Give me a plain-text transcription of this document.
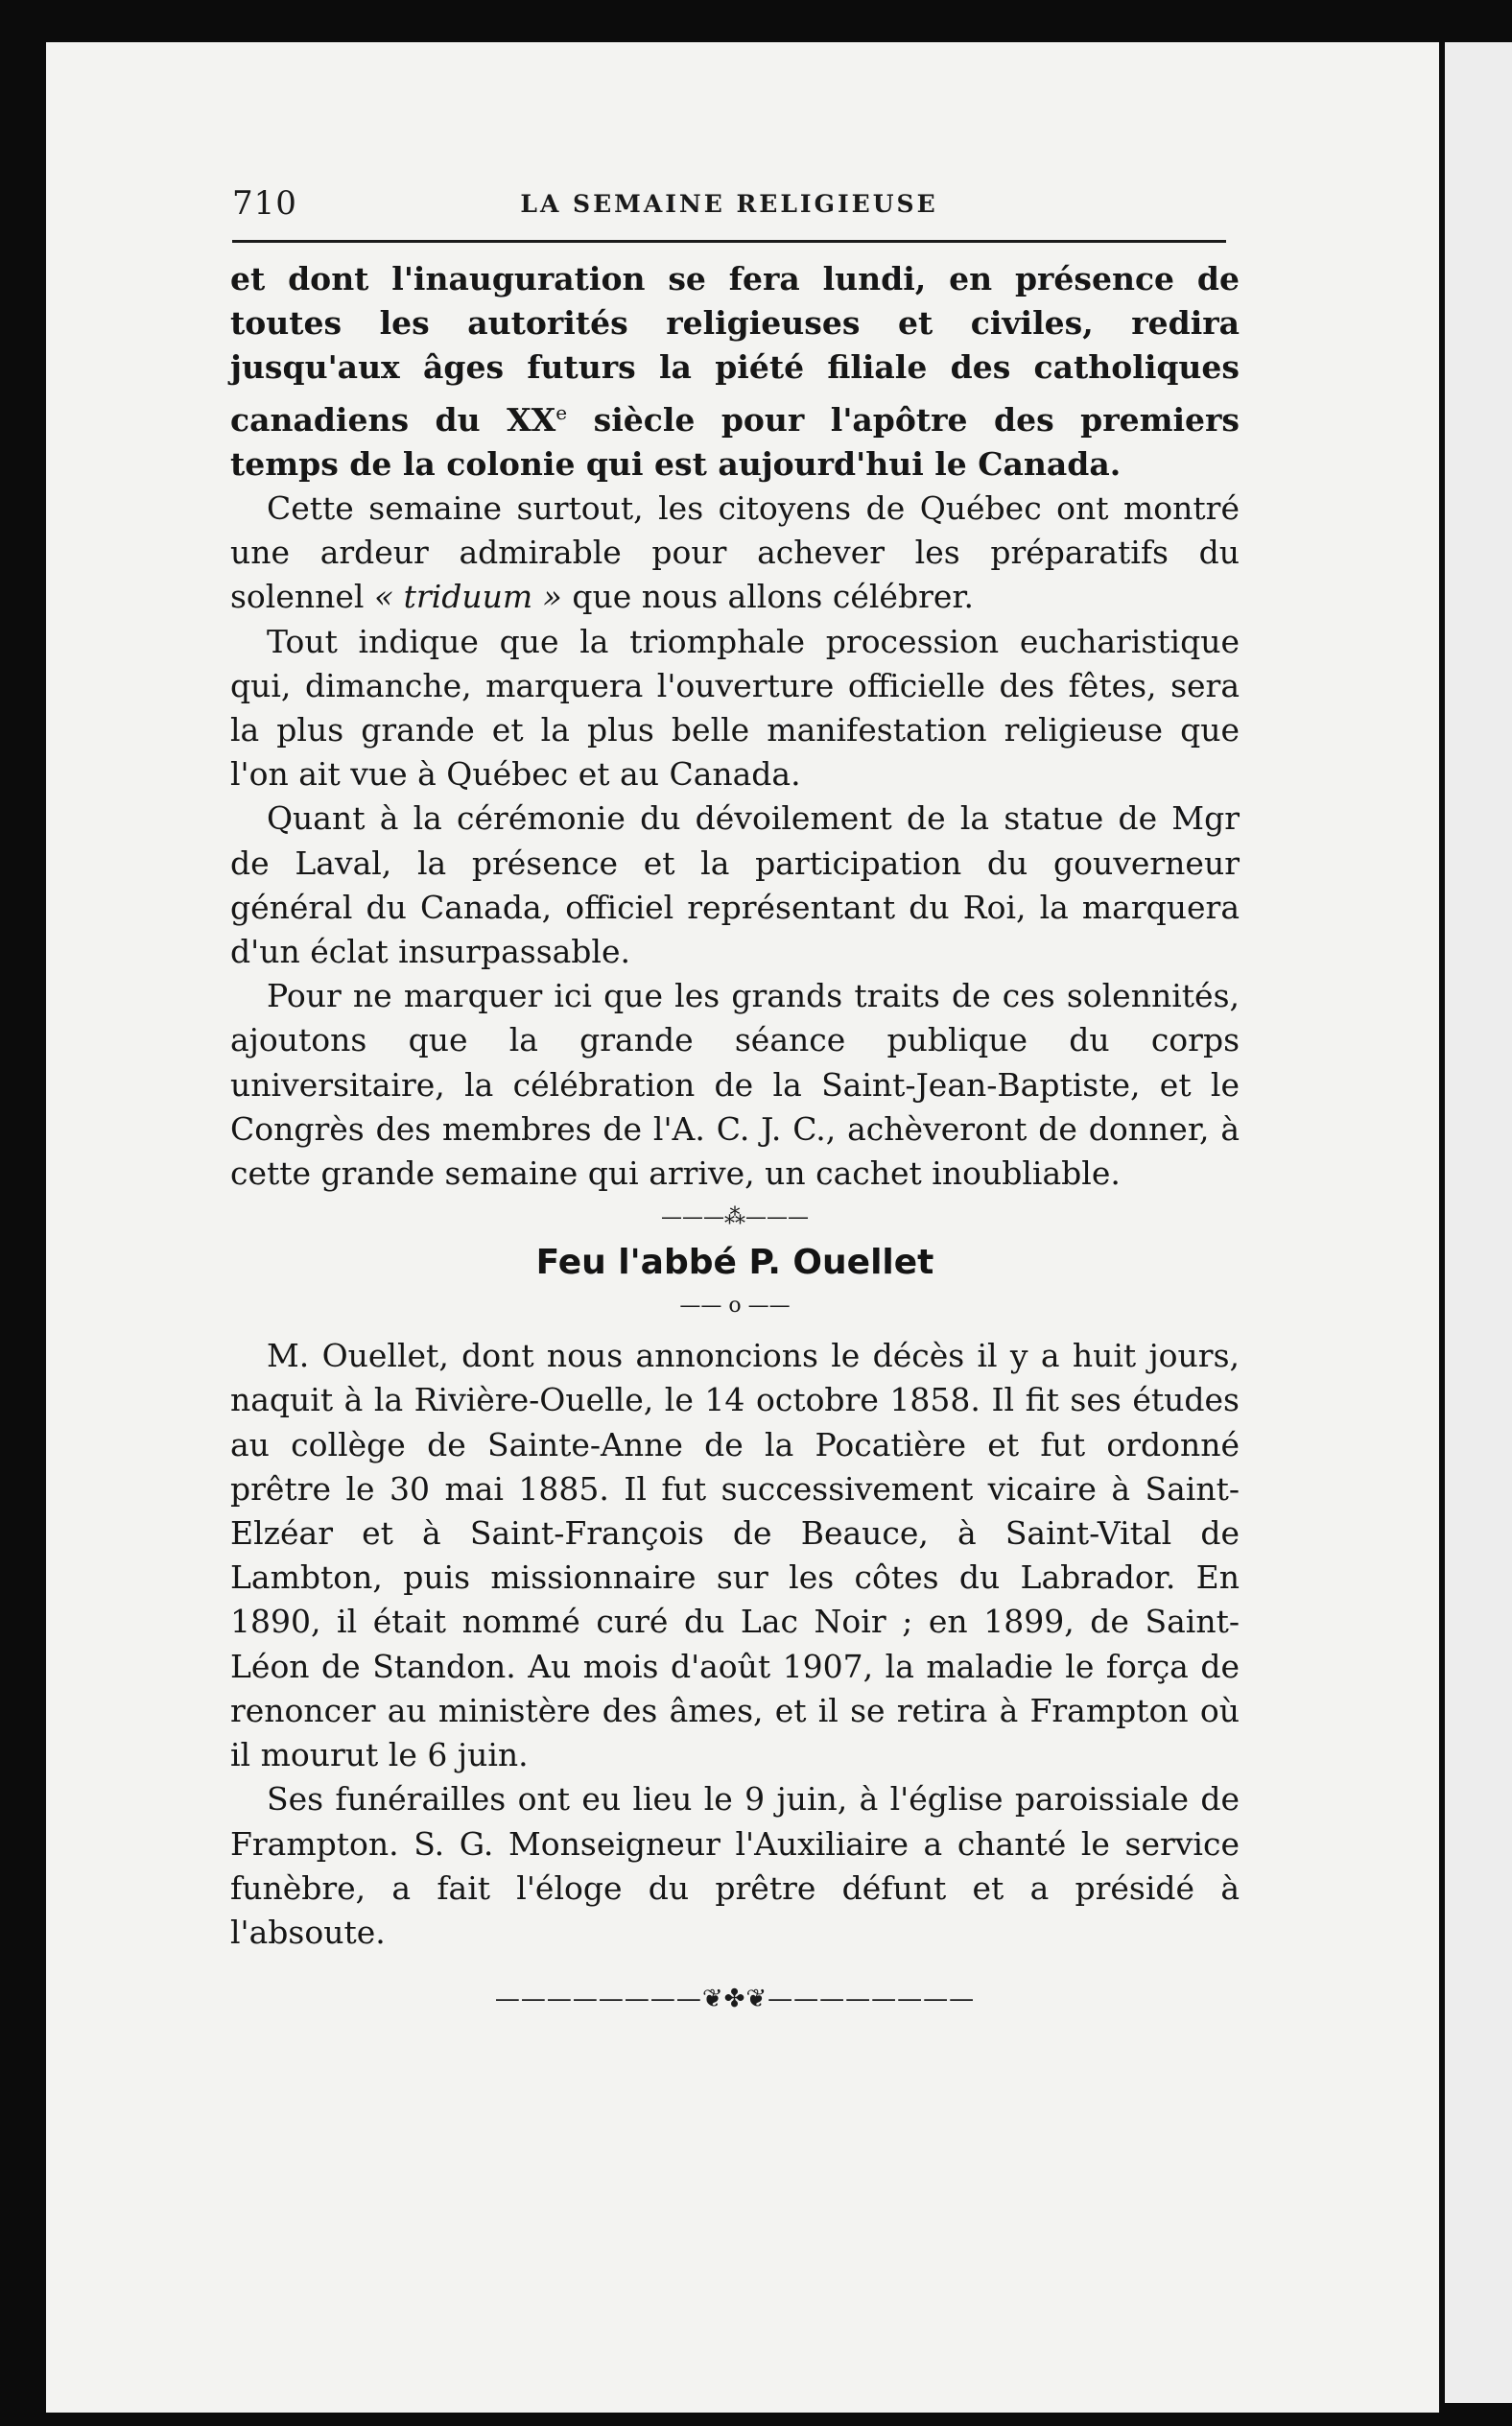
710	LA SEMAINE RELIGIEUSE

et dont l'inauguration se fera lundi, en présence de toutes les autorités religieuses et civiles, redira jusqu'aux âges futurs la piété filiale des catholiques canadiens du XXe siècle pour l'apôtre des premiers temps de la colonie qui est aujourd'hui le Canada.

Cette semaine surtout, les citoyens de Québec ont montré une ardeur admirable pour achever les préparatifs du solennel « triduum » que nous allons célébrer.

Tout indique que la triomphale procession eucharistique qui, dimanche, marquera l'ouverture officielle des fêtes, sera la plus grande et la plus belle manifestation religieuse que l'on ait vue à Québec et au Canada.

Quant à la cérémonie du dévoilement de la statue de Mgr de Laval, la présence et la participation du gouverneur général du Canada, officiel représentant du Roi, la marquera d'un éclat insurpassable.

Pour ne marquer ici que les grands traits de ces solennités, ajoutons que la grande séance publique du corps universitaire, la célébration de la Saint-Jean-Baptiste, et le Congrès des membres de l'A. C. J. C., achèveront de donner, à cette grande semaine qui arrive, un cachet inoubliable.

———⁂———
Feu l'abbé P. Ouellet
—— o ——

M. Ouellet, dont nous annoncions le décès il y a huit jours, naquit à la Rivière-Ouelle, le 14 octobre 1858. Il fit ses études au collège de Sainte-Anne de la Pocatière et fut ordonné prêtre le 30 mai 1885. Il fut successivement vicaire à Saint-Elzéar et à Saint-François de Beauce, à Saint-Vital de Lambton, puis missionnaire sur les côtes du Labrador. En 1890, il était nommé curé du Lac Noir ; en 1899, de Saint-Léon de Standon. Au mois d'août 1907, la maladie le força de renoncer au ministère des âmes, et il se retira à Frampton où il mourut le 6 juin.

Ses funérailles ont eu lieu le 9 juin, à l'église paroissiale de Frampton. S. G. Monseigneur l'Auxiliaire a chanté le service funèbre, a fait l'éloge du prêtre défunt et a présidé à l'absoute.

————————❦✤❦————————
